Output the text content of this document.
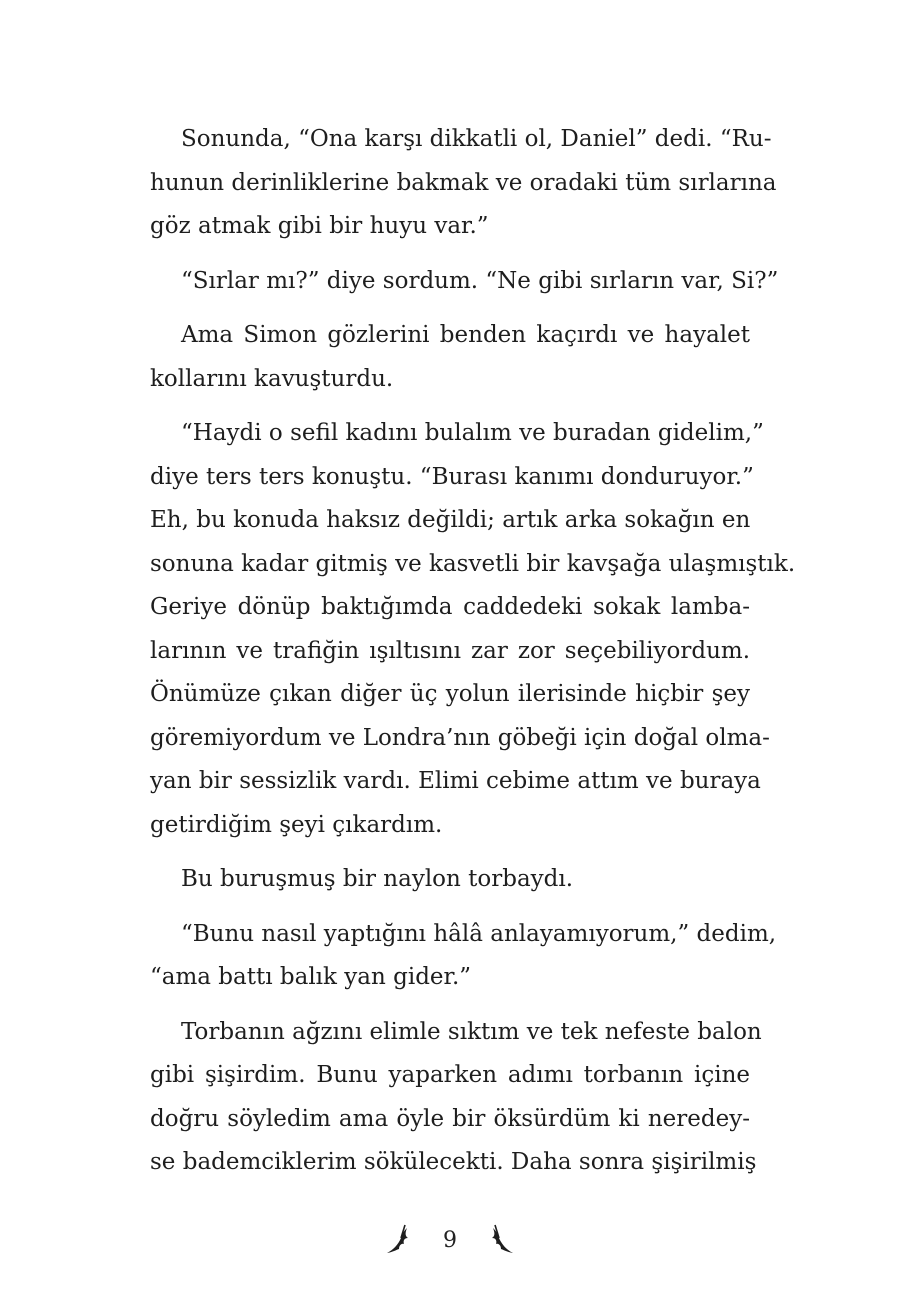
Sonunda, “Ona karşı dikkatli ol, Daniel” dedi. “Ru-
hunun derinliklerine bakmak ve oradaki tüm sırlarına
göz atmak gibi bir huyu var.”

“Sırlar mı?” diye sordum. “Ne gibi sırların var, Si?”

Ama Simon gözlerini benden kaçırdı ve hayalet
kollarını kavuşturdu.

“Haydi o sefil kadını bulalım ve buradan gidelim,”
diye ters ters konuştu. “Burası kanımı donduruyor.”
Eh, bu konuda haksız değildi; artık arka sokağın en
sonuna kadar gitmiş ve kasvetli bir kavşağa ulaşmıştık.
Geriye dönüp baktığımda caddedeki sokak lamba-
larının ve trafiğin ışıltısını zar zor seçebiliyordum.
Önümüze çıkan diğer üç yolun ilerisinde hiçbir şey
göremiyordum ve Londra’nın göbeği için doğal olma-
yan bir sessizlik vardı. Elimi cebime attım ve buraya
getirdiğim şeyi çıkardım.

Bu buruşmuş bir naylon torbaydı.

“Bunu nasıl yaptığını hâlâ anlayamıyorum,” dedim,
“ama battı balık yan gider.”

Torbanın ağzını elimle sıktım ve tek nefeste balon
gibi şişirdim. Bunu yaparken adımı torbanın içine
doğru söyledim ama öyle bir öksürdüm ki neredey-
se bademciklerim sökülecekti. Daha sonra şişirilmiş

9
